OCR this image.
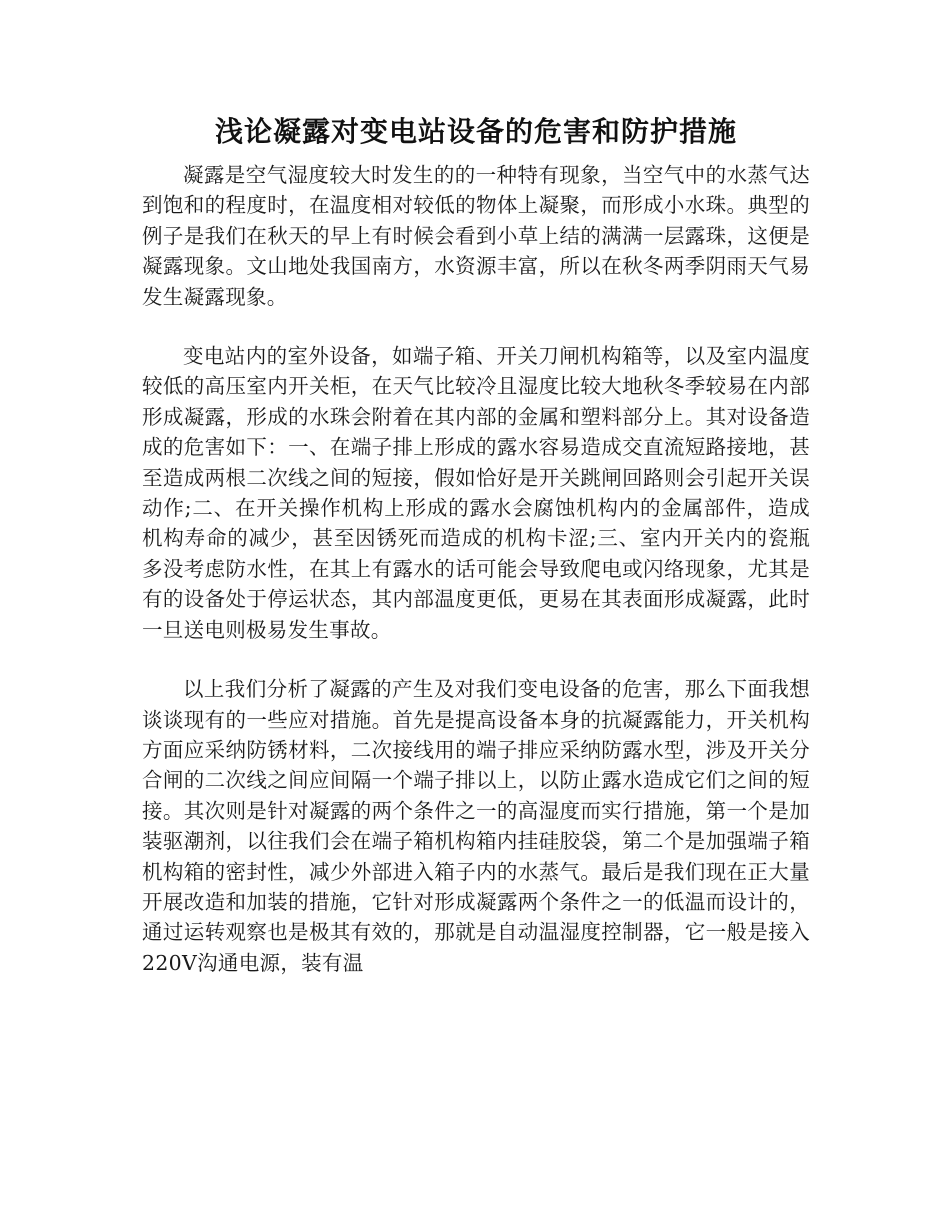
浅论凝露对变电站设备的危害和防护措施

凝露是空气湿度较大时发生的的一种特有现象，当空气中的水蒸气达到饱和的程度时，在温度相对较低的物体上凝聚，而形成小水珠。典型的例子是我们在秋天的早上有时候会看到小草上结的满满一层露珠，这便是凝露现象。文山地处我国南方，水资源丰富，所以在秋冬两季阴雨天气易发生凝露现象。

变电站内的室外设备，如端子箱、开关刀闸机构箱等，以及室内温度较低的高压室内开关柜，在天气比较冷且湿度比较大地秋冬季较易在内部形成凝露，形成的水珠会附着在其内部的金属和塑料部分上。其对设备造成的危害如下：一、在端子排上形成的露水容易造成交直流短路接地，甚至造成两根二次线之间的短接，假如恰好是开关跳闸回路则会引起开关误动作;二、在开关操作机构上形成的露水会腐蚀机构内的金属部件，造成机构寿命的减少，甚至因锈死而造成的机构卡涩;三、室内开关内的瓷瓶多没考虑防水性，在其上有露水的话可能会导致爬电或闪络现象，尤其是有的设备处于停运状态，其内部温度更低，更易在其表面形成凝露，此时一旦送电则极易发生事故。

以上我们分析了凝露的产生及对我们变电设备的危害，那么下面我想谈谈现有的一些应对措施。首先是提高设备本身的抗凝露能力，开关机构方面应采纳防锈材料，二次接线用的端子排应采纳防露水型，涉及开关分合闸的二次线之间应间隔一个端子排以上，以防止露水造成它们之间的短接。其次则是针对凝露的两个条件之一的高湿度而实行措施，第一个是加装驱潮剂，以往我们会在端子箱机构箱内挂硅胶袋，第二个是加强端子箱机构箱的密封性，减少外部进入箱子内的水蒸气。最后是我们现在正大量开展改造和加装的措施，它针对形成凝露两个条件之一的低温而设计的，通过运转观察也是极其有效的，那就是自动温湿度控制器，它一般是接入220V沟通电源，装有温
